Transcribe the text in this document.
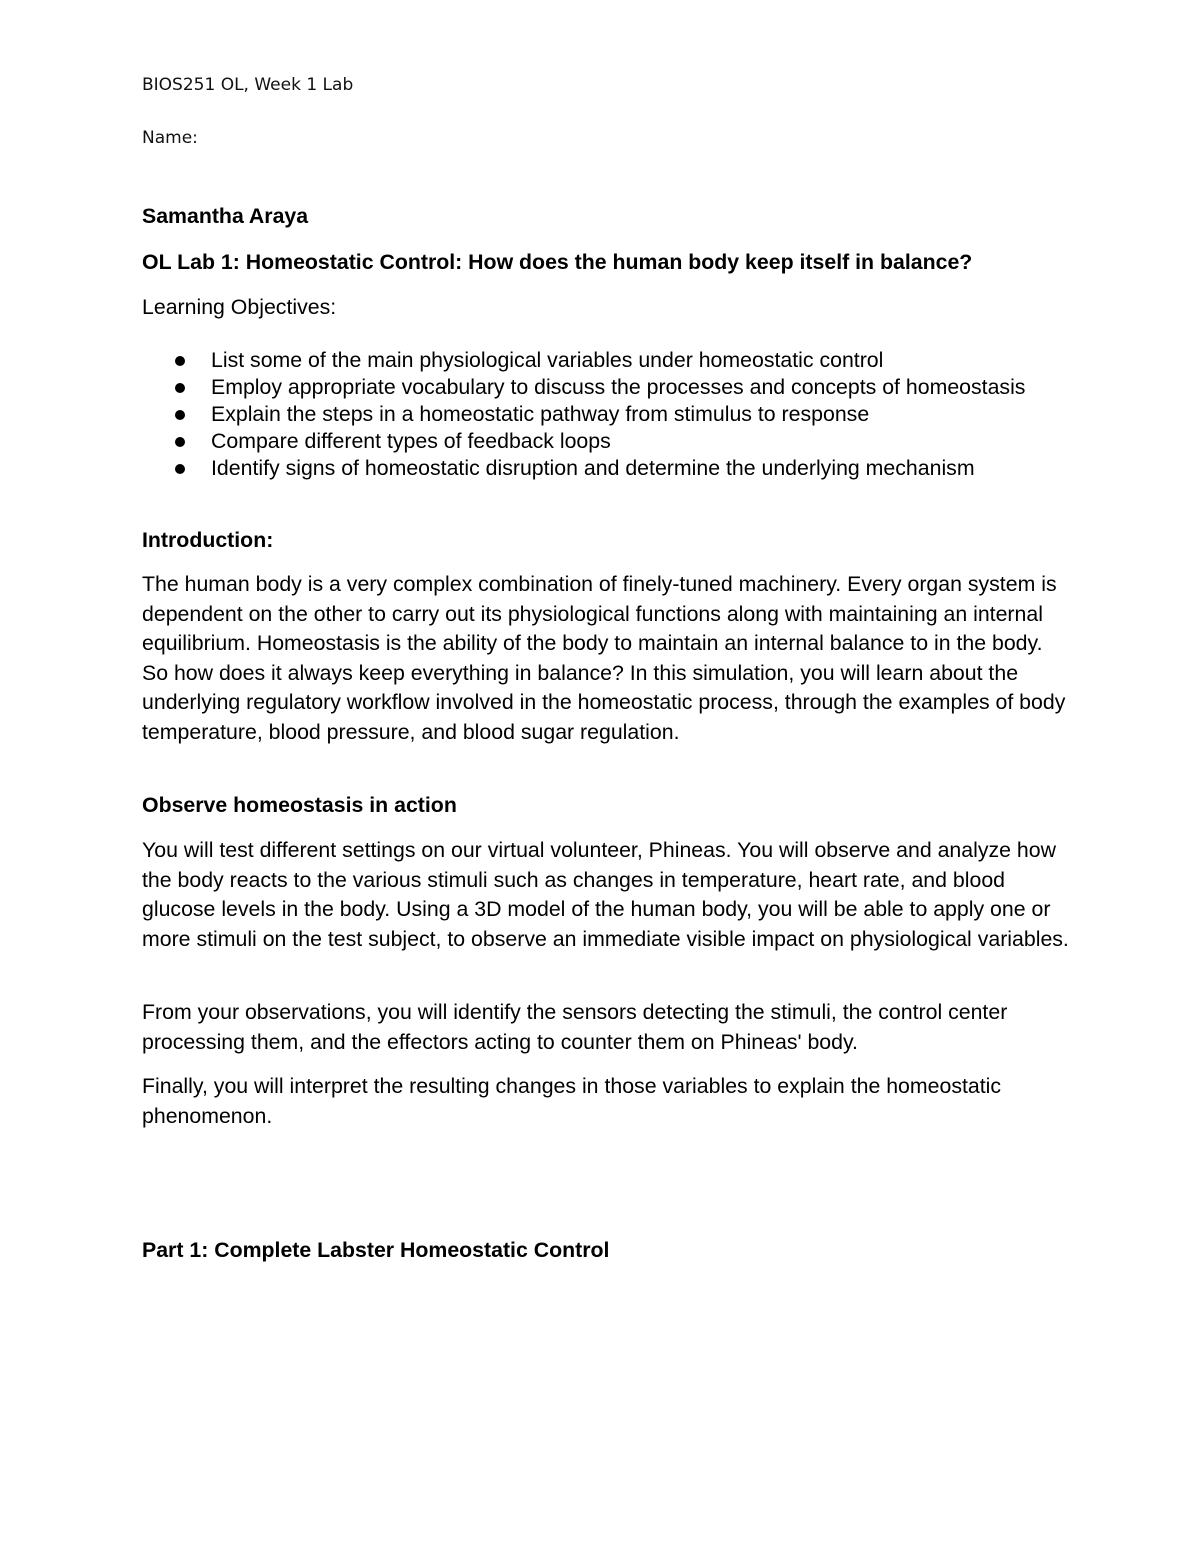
BIOS251 OL, Week 1 Lab
Name:
Samantha Araya
OL Lab 1: Homeostatic Control: How does the human body keep itself in balance?
Learning Objectives:
List some of the main physiological variables under homeostatic control
Employ appropriate vocabulary to discuss the processes and concepts of homeostasis
Explain the steps in a homeostatic pathway from stimulus to response
Compare different types of feedback loops
Identify signs of homeostatic disruption and determine the underlying mechanism
Introduction:
The human body is a very complex combination of finely-tuned machinery. Every organ system is dependent on the other to carry out its physiological functions along with maintaining an internal equilibrium. Homeostasis is the ability of the body to maintain an internal balance to in the body. So how does it always keep everything in balance? In this simulation, you will learn about the underlying regulatory workflow involved in the homeostatic process, through the examples of body temperature, blood pressure, and blood sugar regulation.
Observe homeostasis in action
You will test different settings on our virtual volunteer, Phineas. You will observe and analyze how the body reacts to the various stimuli such as changes in temperature, heart rate, and blood glucose levels in the body. Using a 3D model of the human body, you will be able to apply one or more stimuli on the test subject, to observe an immediate visible impact on physiological variables.
From your observations, you will identify the sensors detecting the stimuli, the control center processing them, and the effectors acting to counter them on Phineas' body.
Finally, you will interpret the resulting changes in those variables to explain the homeostatic phenomenon.
Part 1: Complete Labster Homeostatic Control
